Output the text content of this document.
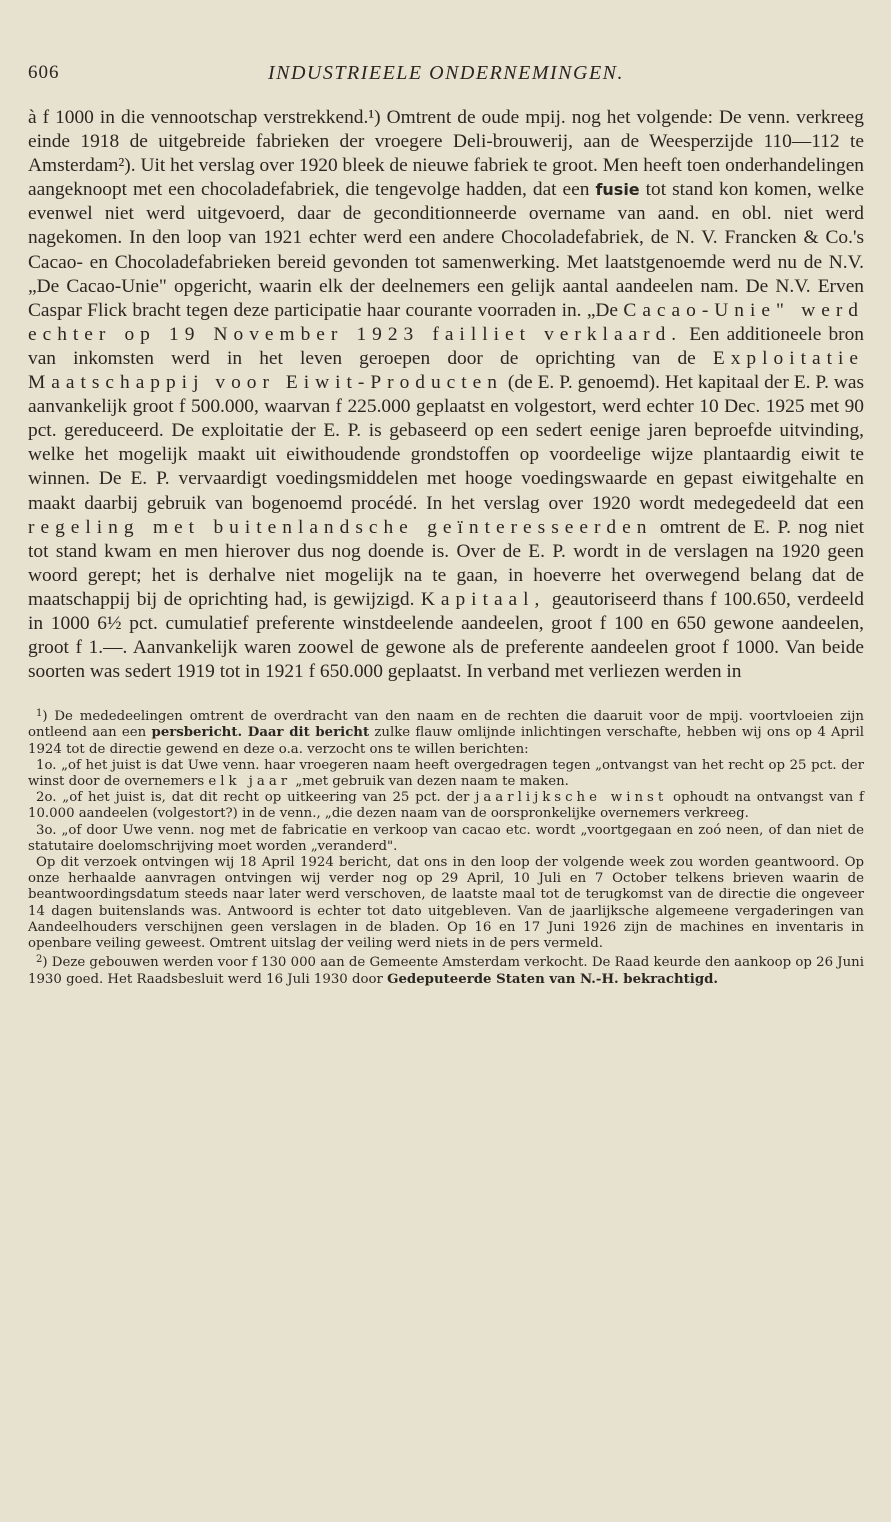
606	INDUSTRIEELE ONDERNEMINGEN.

à f 1000 in die vennootschap verstrekkend.¹) Omtrent de oude mpij. nog het volgende: De venn. verkreeg einde 1918 de uitgebreide fabrieken der vroegere Deli-brouwerij, aan de Weesperzijde 110—112 te Amsterdam²). Uit het verslag over 1920 bleek de nieuwe fabriek te groot. Men heeft toen onderhandelingen aangeknoopt met een chocoladefabriek, die tengevolge hadden, dat een fusie tot stand kon komen, welke evenwel niet werd uitgevoerd, daar de geconditionneerde overname van aand. en obl. niet werd nagekomen. In den loop van 1921 echter werd een andere Chocoladefabriek, de N. V. Francken & Co.'s Cacao- en Chocoladefabrieken bereid gevonden tot samenwerking. Met laatstgenoemde werd nu de N.V. „De Cacao-Unie" opgericht, waarin elk der deelnemers een gelijk aantal aandeelen nam. De N.V. Erven Caspar Flick bracht tegen deze participatie haar courante voorraden in. „De Cacao-Unie" werd echter op 19 November 1923 failliet verklaard. Een additioneele bron van inkomsten werd in het leven geroepen door de oprichting van de Exploitatie Maatschappij voor Eiwit-Producten (de E. P. genoemd). Het kapitaal der E. P. was aanvankelijk groot f 500.000, waarvan f 225.000 geplaatst en volgestort, werd echter 10 Dec. 1925 met 90 pct. gereduceerd. De exploitatie der E. P. is gebaseerd op een sedert eenige jaren beproefde uitvinding, welke het mogelijk maakt uit eiwithoudende grondstoffen op voordeelige wijze plantaardig eiwit te winnen. De E. P. vervaardigt voedingsmiddelen met hooge voedingswaarde en gepast eiwitgehalte en maakt daarbij gebruik van bogenoemd procédé. In het verslag over 1920 wordt medegedeeld dat een regeling met buitenlandsche geïnteresseerden omtrent de E. P. nog niet tot stand kwam en men hierover dus nog doende is. Over de E. P. wordt in de verslagen na 1920 geen woord gerept; het is derhalve niet mogelijk na te gaan, in hoeverre het overwegend belang dat de maatschappij bij de oprichting had, is gewijzigd. Kapitaal, geautoriseerd thans f 100.650, verdeeld in 1000 6½ pct. cumulatief preferente winstdeelende aandeelen, groot f 100 en 650 gewone aandeelen, groot f 1.—. Aanvankelijk waren zoowel de gewone als de preferente aandeelen groot f 1000. Van beide soorten was sedert 1919 tot in 1921 f 650.000 geplaatst. In verband met verliezen werden in

$^1$) De mededeelingen omtrent de overdracht van den naam en de rechten die daaruit voor de mpij. voortvloeien zijn ontleend aan een persbericht. Daar dit bericht zulke flauw omlijnde inlichtingen verschafte, hebben wij ons op 4 April 1924 tot de directie gewend en deze o.a. verzocht ons te willen berichten:

1o. „of het juist is dat Uwe venn. haar vroegeren naam heeft overgedragen tegen „ontvangst van het recht op 25 pct. der winst door de overnemers elk jaar „met gebruik van dezen naam te maken.

2o. „of het juist is, dat dit recht op uitkeering van 25 pct. der jaarlijksche winst ophoudt na ontvangst van f 10.000 aandeelen (volgestort?) in de venn., „die dezen naam van de oorspronkelijke overnemers verkreeg.

3o. „of door Uwe venn. nog met de fabricatie en verkoop van cacao etc. wordt „voortgegaan en zoó neen, of dan niet de statutaire doelomschrijving moet worden „veranderd".

Op dit verzoek ontvingen wij 18 April 1924 bericht, dat ons in den loop der volgende week zou worden geantwoord. Op onze herhaalde aanvragen ontvingen wij verder nog op 29 April, 10 Juli en 7 October telkens brieven waarin de beantwoordingsdatum steeds naar later werd verschoven, de laatste maal tot de terugkomst van de directie die ongeveer 14 dagen buitenslands was. Antwoord is echter tot dato uitgebleven. Van de jaarlijksche algemeene vergaderingen van Aandeelhouders verschijnen geen verslagen in de bladen. Op 16 en 17 Juni 1926 zijn de machines en inventaris in openbare veiling geweest. Omtrent uitslag der veiling werd niets in de pers vermeld.

$^2$) Deze gebouwen werden voor f 130 000 aan de Gemeente Amsterdam verkocht. De Raad keurde den aankoop op 26 Juni 1930 goed. Het Raadsbesluit werd 16 Juli 1930 door Gedeputeerde Staten van N.-H. bekrachtigd.
